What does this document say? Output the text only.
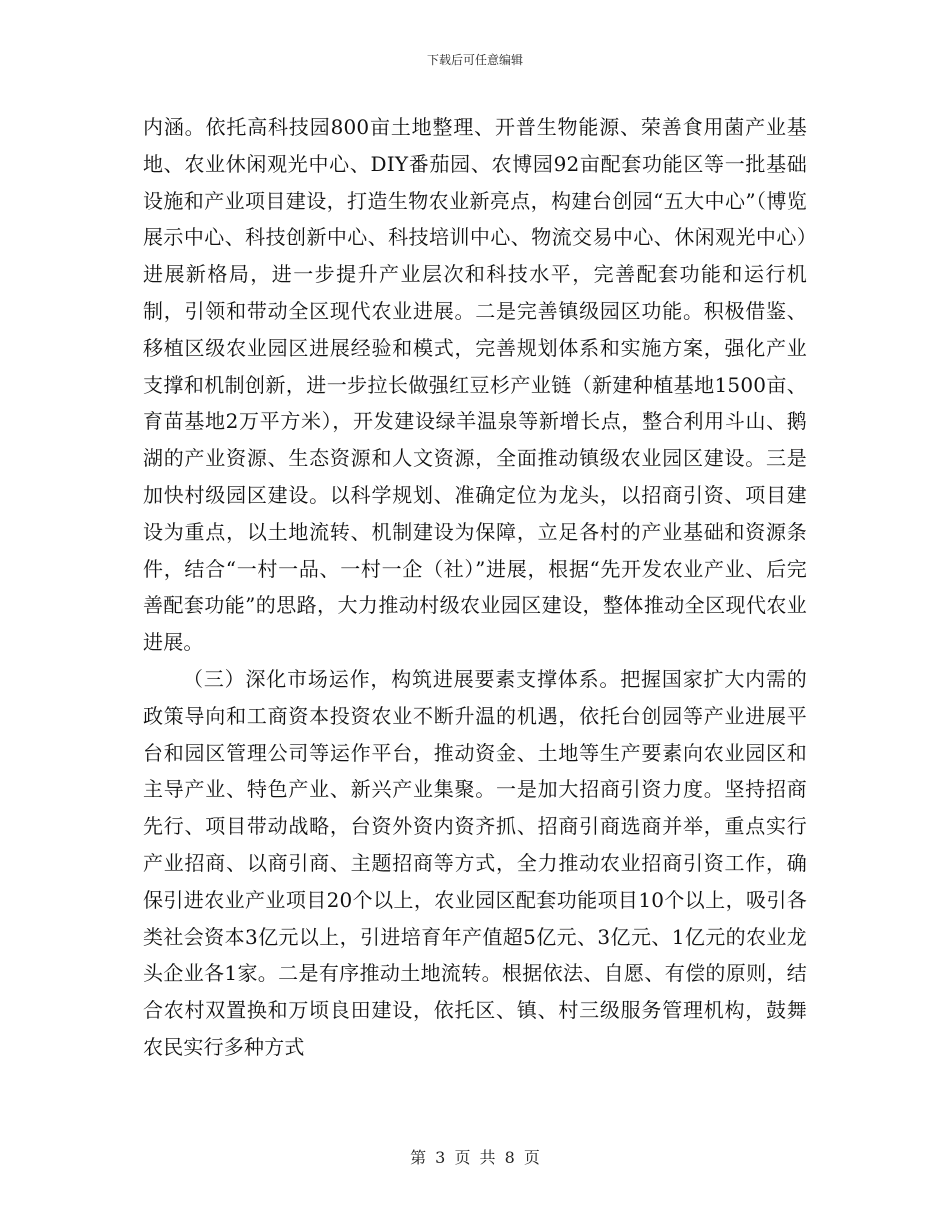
下载后可任意编辑

内涵。依托高科技园800亩土地整理、开普生物能源、荣善食用菌产业基地、农业休闲观光中心、DIY番茄园、农博园92亩配套功能区等一批基础设施和产业项目建设，打造生物农业新亮点，构建台创园“五大中心”（博览展示中心、科技创新中心、科技培训中心、物流交易中心、休闲观光中心）进展新格局，进一步提升产业层次和科技水平，完善配套功能和运行机制，引领和带动全区现代农业进展。二是完善镇级园区功能。积极借鉴、移植区级农业园区进展经验和模式，完善规划体系和实施方案，强化产业支撑和机制创新，进一步拉长做强红豆杉产业链（新建种植基地1500亩、育苗基地2万平方米），开发建设绿羊温泉等新增长点，整合利用斗山、鹅湖的产业资源、生态资源和人文资源，全面推动镇级农业园区建设。三是加快村级园区建设。以科学规划、准确定位为龙头，以招商引资、项目建设为重点，以土地流转、机制建设为保障，立足各村的产业基础和资源条件，结合“一村一品、一村一企（社）”进展，根据“先开发农业产业、后完善配套功能”的思路，大力推动村级农业园区建设，整体推动全区现代农业进展。

（三）深化市场运作，构筑进展要素支撑体系。把握国家扩大内需的政策导向和工商资本投资农业不断升温的机遇，依托台创园等产业进展平台和园区管理公司等运作平台，推动资金、土地等生产要素向农业园区和主导产业、特色产业、新兴产业集聚。一是加大招商引资力度。坚持招商先行、项目带动战略，台资外资内资齐抓、招商引商选商并举，重点实行产业招商、以商引商、主题招商等方式，全力推动农业招商引资工作，确保引进农业产业项目20个以上，农业园区配套功能项目10个以上，吸引各类社会资本3亿元以上，引进培育年产值超5亿元、3亿元、1亿元的农业龙头企业各1家。二是有序推动土地流转。根据依法、自愿、有偿的原则，结合农村双置换和万顷良田建设，依托区、镇、村三级服务管理机构，鼓舞农民实行多种方式

第 3 页 共 8 页
